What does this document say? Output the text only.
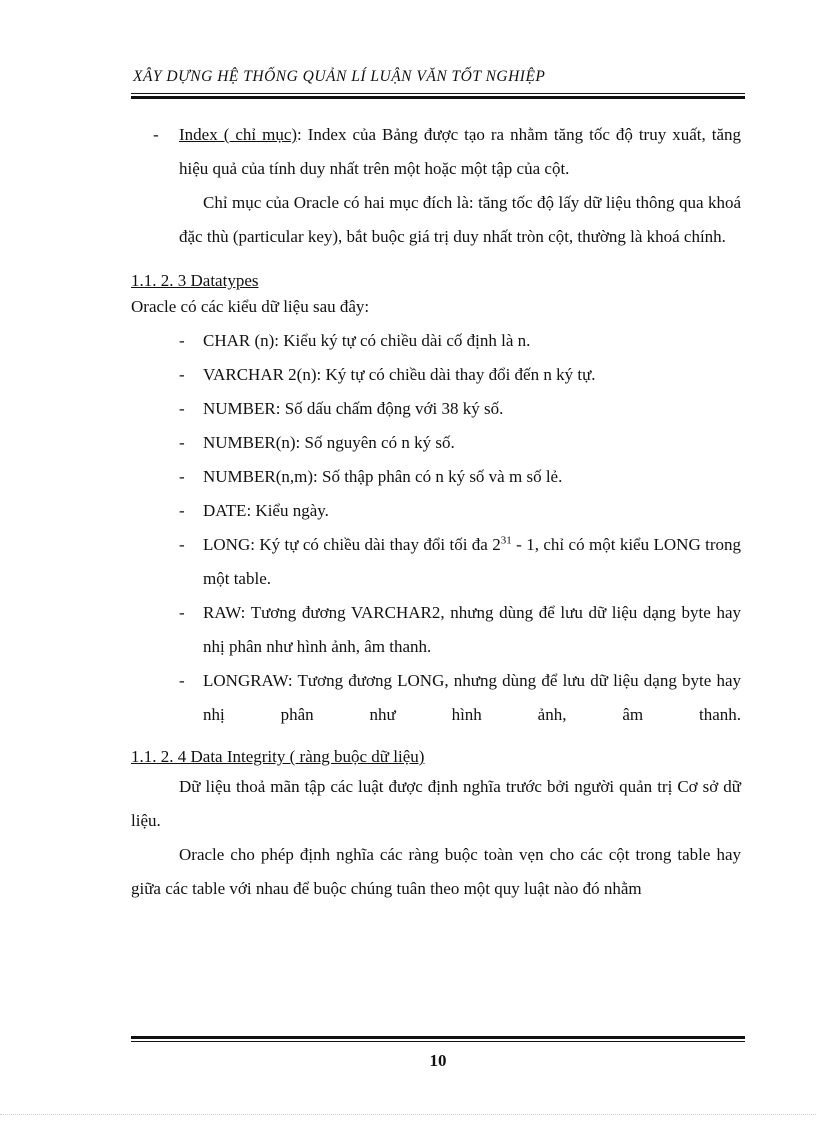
XÂY DỰNG HỆ THỐNG QUẢN LÍ LUẬN VĂN TỐT NGHIỆP
- Index ( chỉ mục): Index của Bảng được tạo ra nhằm tăng tốc độ truy xuất, tăng hiệu quả của tính duy nhất trên một hoặc một tập của cột.
Chỉ mục của Oracle có hai mục đích là: tăng tốc độ lấy dữ liệu thông qua khoá đặc thù (particular key), bắt buộc giá trị duy nhất tròn cột, thường là khoá chính.
1.1. 2. 3 Datatypes
Oracle có các kiểu dữ liệu sau đây:
- CHAR (n): Kiểu ký tự có chiều dài cố định là n.
- VARCHAR 2(n): Ký tự có chiều dài thay đổi đến n ký tự.
- NUMBER: Số dấu chấm động với 38 ký số.
- NUMBER(n): Số nguyên có n ký số.
- NUMBER(n,m): Số thập phân có n ký số và m số lẻ.
- DATE: Kiểu ngày.
- LONG: Ký tự có chiều dài thay đổi tối đa $2^{31} - 1$, chỉ có một kiểu LONG trong một table.
- RAW: Tương đương VARCHAR2, nhưng dùng để lưu dữ liệu dạng byte hay nhị phân như hình ảnh, âm thanh.
- LONGRAW: Tương đương LONG, nhưng dùng để lưu dữ liệu dạng byte hay nhị phân như hình ảnh, âm thanh.
1.1. 2. 4 Data Integrity ( ràng buộc dữ liệu)
Dữ liệu thoả mãn tập các luật được định nghĩa trước bởi người quản trị Cơ sở dữ liệu.
Oracle cho phép định nghĩa các ràng buộc toàn vẹn cho các cột trong table hay giữa các table với nhau để buộc chúng tuân theo một quy luật nào đó nhằm
10
